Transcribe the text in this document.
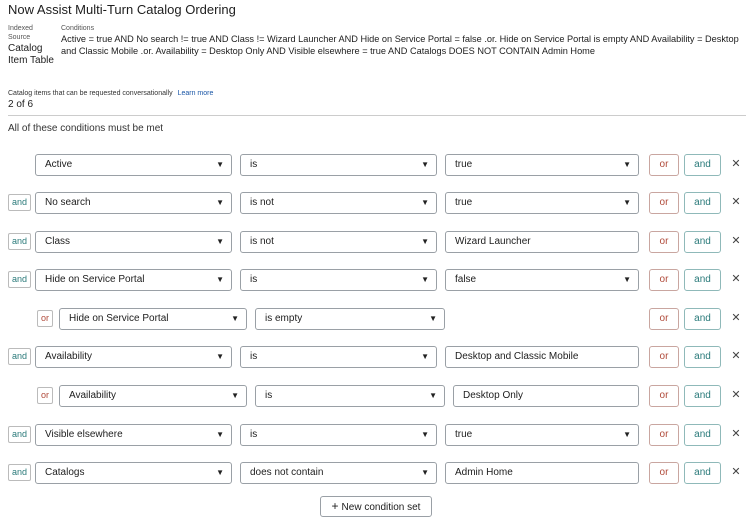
Now Assist Multi-Turn Catalog Ordering
Indexed Source
Catalog Item Table
Conditions
Active = true AND No search != true AND Class != Wizard Launcher AND Hide on Service Portal = false .or. Hide on Service Portal is empty AND Availability = Desktop and Classic Mobile .or. Availability = Desktop Only AND Visible elsewhere = true AND Catalogs DOES NOT CONTAIN Admin Home
Catalog items that can be requested conversationally Learn more
2 of 6
All of these conditions must be met
Active	▼	is	▼	true	▼	or	and	✕
and	No search	▼	is not	▼	true	▼	or	and	✕
and	Class	▼	is not	▼	Wizard Launcher	or	and	✕
and	Hide on Service Portal	▼	is	▼	false	▼	or	and	✕
or	Hide on Service Portal	▼	is empty	▼	or	and	✕
and	Availability	▼	is	▼	Desktop and Classic Mobile	or	and	✕
or	Availability	▼	is	▼	Desktop Only	or	and	✕
and	Visible elsewhere	▼	is	▼	true	▼	or	and	✕
and	Catalogs	▼	does not contain	▼	Admin Home	or	and	✕
+ New condition set
